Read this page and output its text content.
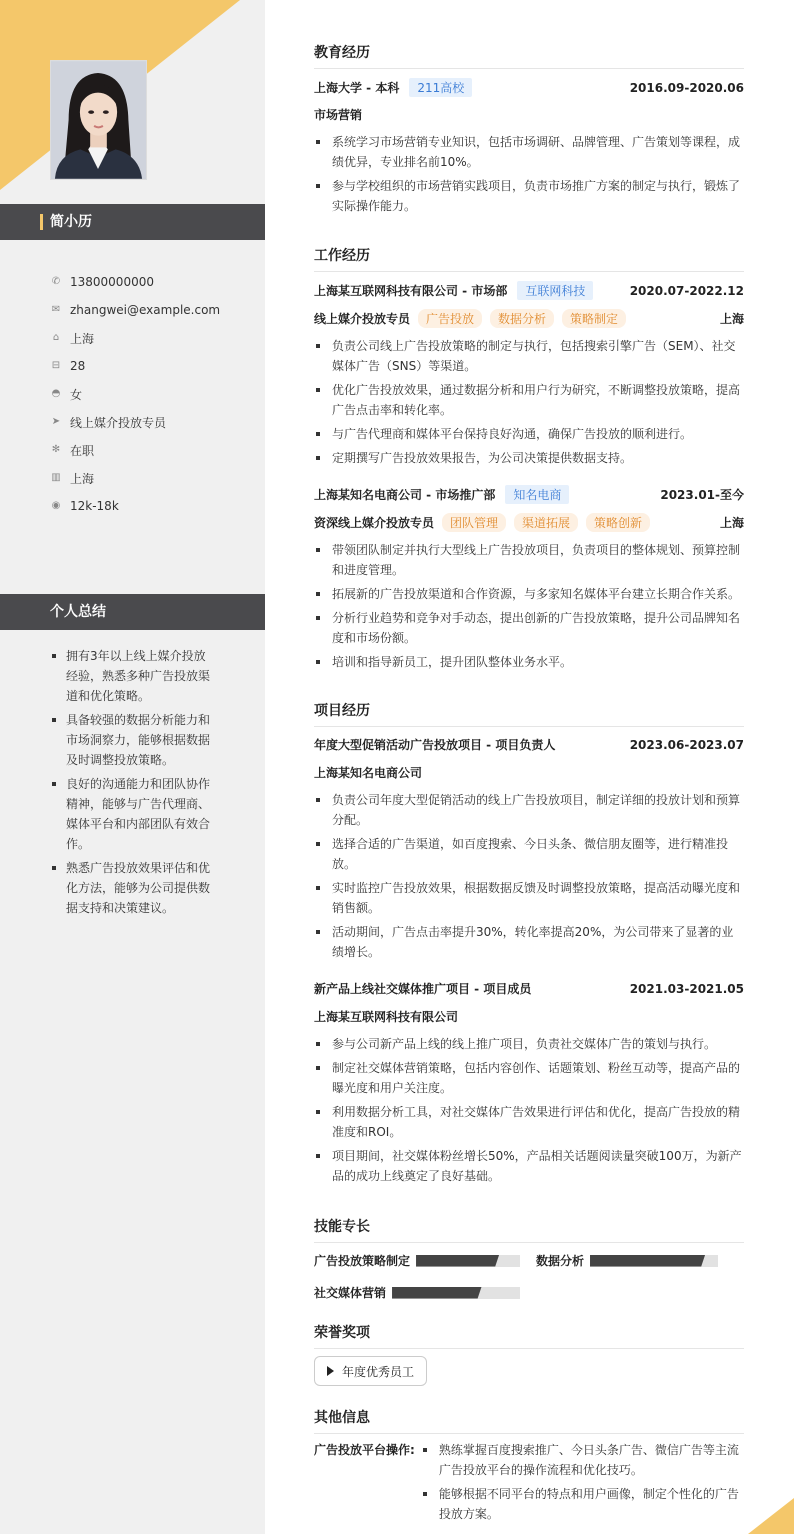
简小历
✆ 13800000000
✉ zhangwei@example.com
⌂ 上海
⊟ 28
◓ 女
➤ 线上媒介投放专员
✻ 在职
▥ 上海
◉ 12k-18k
个人总结
拥有3年以上线上媒介投放经验，熟悉多种广告投放渠道和优化策略。
具备较强的数据分析能力和市场洞察力，能够根据数据及时调整投放策略。
良好的沟通能力和团队协作精神，能够与广告代理商、媒体平台和内部团队有效合作。
熟悉广告投放效果评估和优化方法，能够为公司提供数据支持和决策建议。
教育经历
上海大学 - 本科	211高校	2016.09-2020.06
市场营销
系统学习市场营销专业知识，包括市场调研、品牌管理、广告策划等课程，成绩优异，专业排名前10%。
参与学校组织的市场营销实践项目，负责市场推广方案的制定与执行，锻炼了实际操作能力。
工作经历
上海某互联网科技有限公司 - 市场部	互联网科技	2020.07-2022.12
线上媒介投放专员	广告投放	数据分析	策略制定	上海
负责公司线上广告投放策略的制定与执行，包括搜索引擎广告（SEM）、社交媒体广告（SNS）等渠道。
优化广告投放效果，通过数据分析和用户行为研究，不断调整投放策略，提高广告点击率和转化率。
与广告代理商和媒体平台保持良好沟通，确保广告投放的顺利进行。
定期撰写广告投放效果报告，为公司决策提供数据支持。
上海某知名电商公司 - 市场推广部	知名电商	2023.01-至今
资深线上媒介投放专员	团队管理	渠道拓展	策略创新	上海
带领团队制定并执行大型线上广告投放项目，负责项目的整体规划、预算控制和进度管理。
拓展新的广告投放渠道和合作资源，与多家知名媒体平台建立长期合作关系。
分析行业趋势和竞争对手动态，提出创新的广告投放策略，提升公司品牌知名度和市场份额。
培训和指导新员工，提升团队整体业务水平。
项目经历
年度大型促销活动广告投放项目 - 项目负责人	2023.06-2023.07
上海某知名电商公司
负责公司年度大型促销活动的线上广告投放项目，制定详细的投放计划和预算分配。
选择合适的广告渠道，如百度搜索、今日头条、微信朋友圈等，进行精准投放。
实时监控广告投放效果，根据数据反馈及时调整投放策略，提高活动曝光度和销售额。
活动期间，广告点击率提升30%，转化率提高20%，为公司带来了显著的业绩增长。
新产品上线社交媒体推广项目 - 项目成员	2021.03-2021.05
上海某互联网科技有限公司
参与公司新产品上线的线上推广项目，负责社交媒体广告的策划与执行。
制定社交媒体营销策略，包括内容创作、话题策划、粉丝互动等，提高产品的曝光度和用户关注度。
利用数据分析工具，对社交媒体广告效果进行评估和优化，提高广告投放的精准度和ROI。
项目期间，社交媒体粉丝增长50%，产品相关话题阅读量突破100万，为新产品的成功上线奠定了良好基础。
技能专长
广告投放策略制定	数据分析
社交媒体营销
荣誉奖项
年度优秀员工
其他信息
广告投放平台操作:	熟练掌握百度搜索推广、今日头条广告、微信广告等主流广告投放平台的操作流程和优化技巧。
能够根据不同平台的特点和用户画像，制定个性化的广告投放方案。
